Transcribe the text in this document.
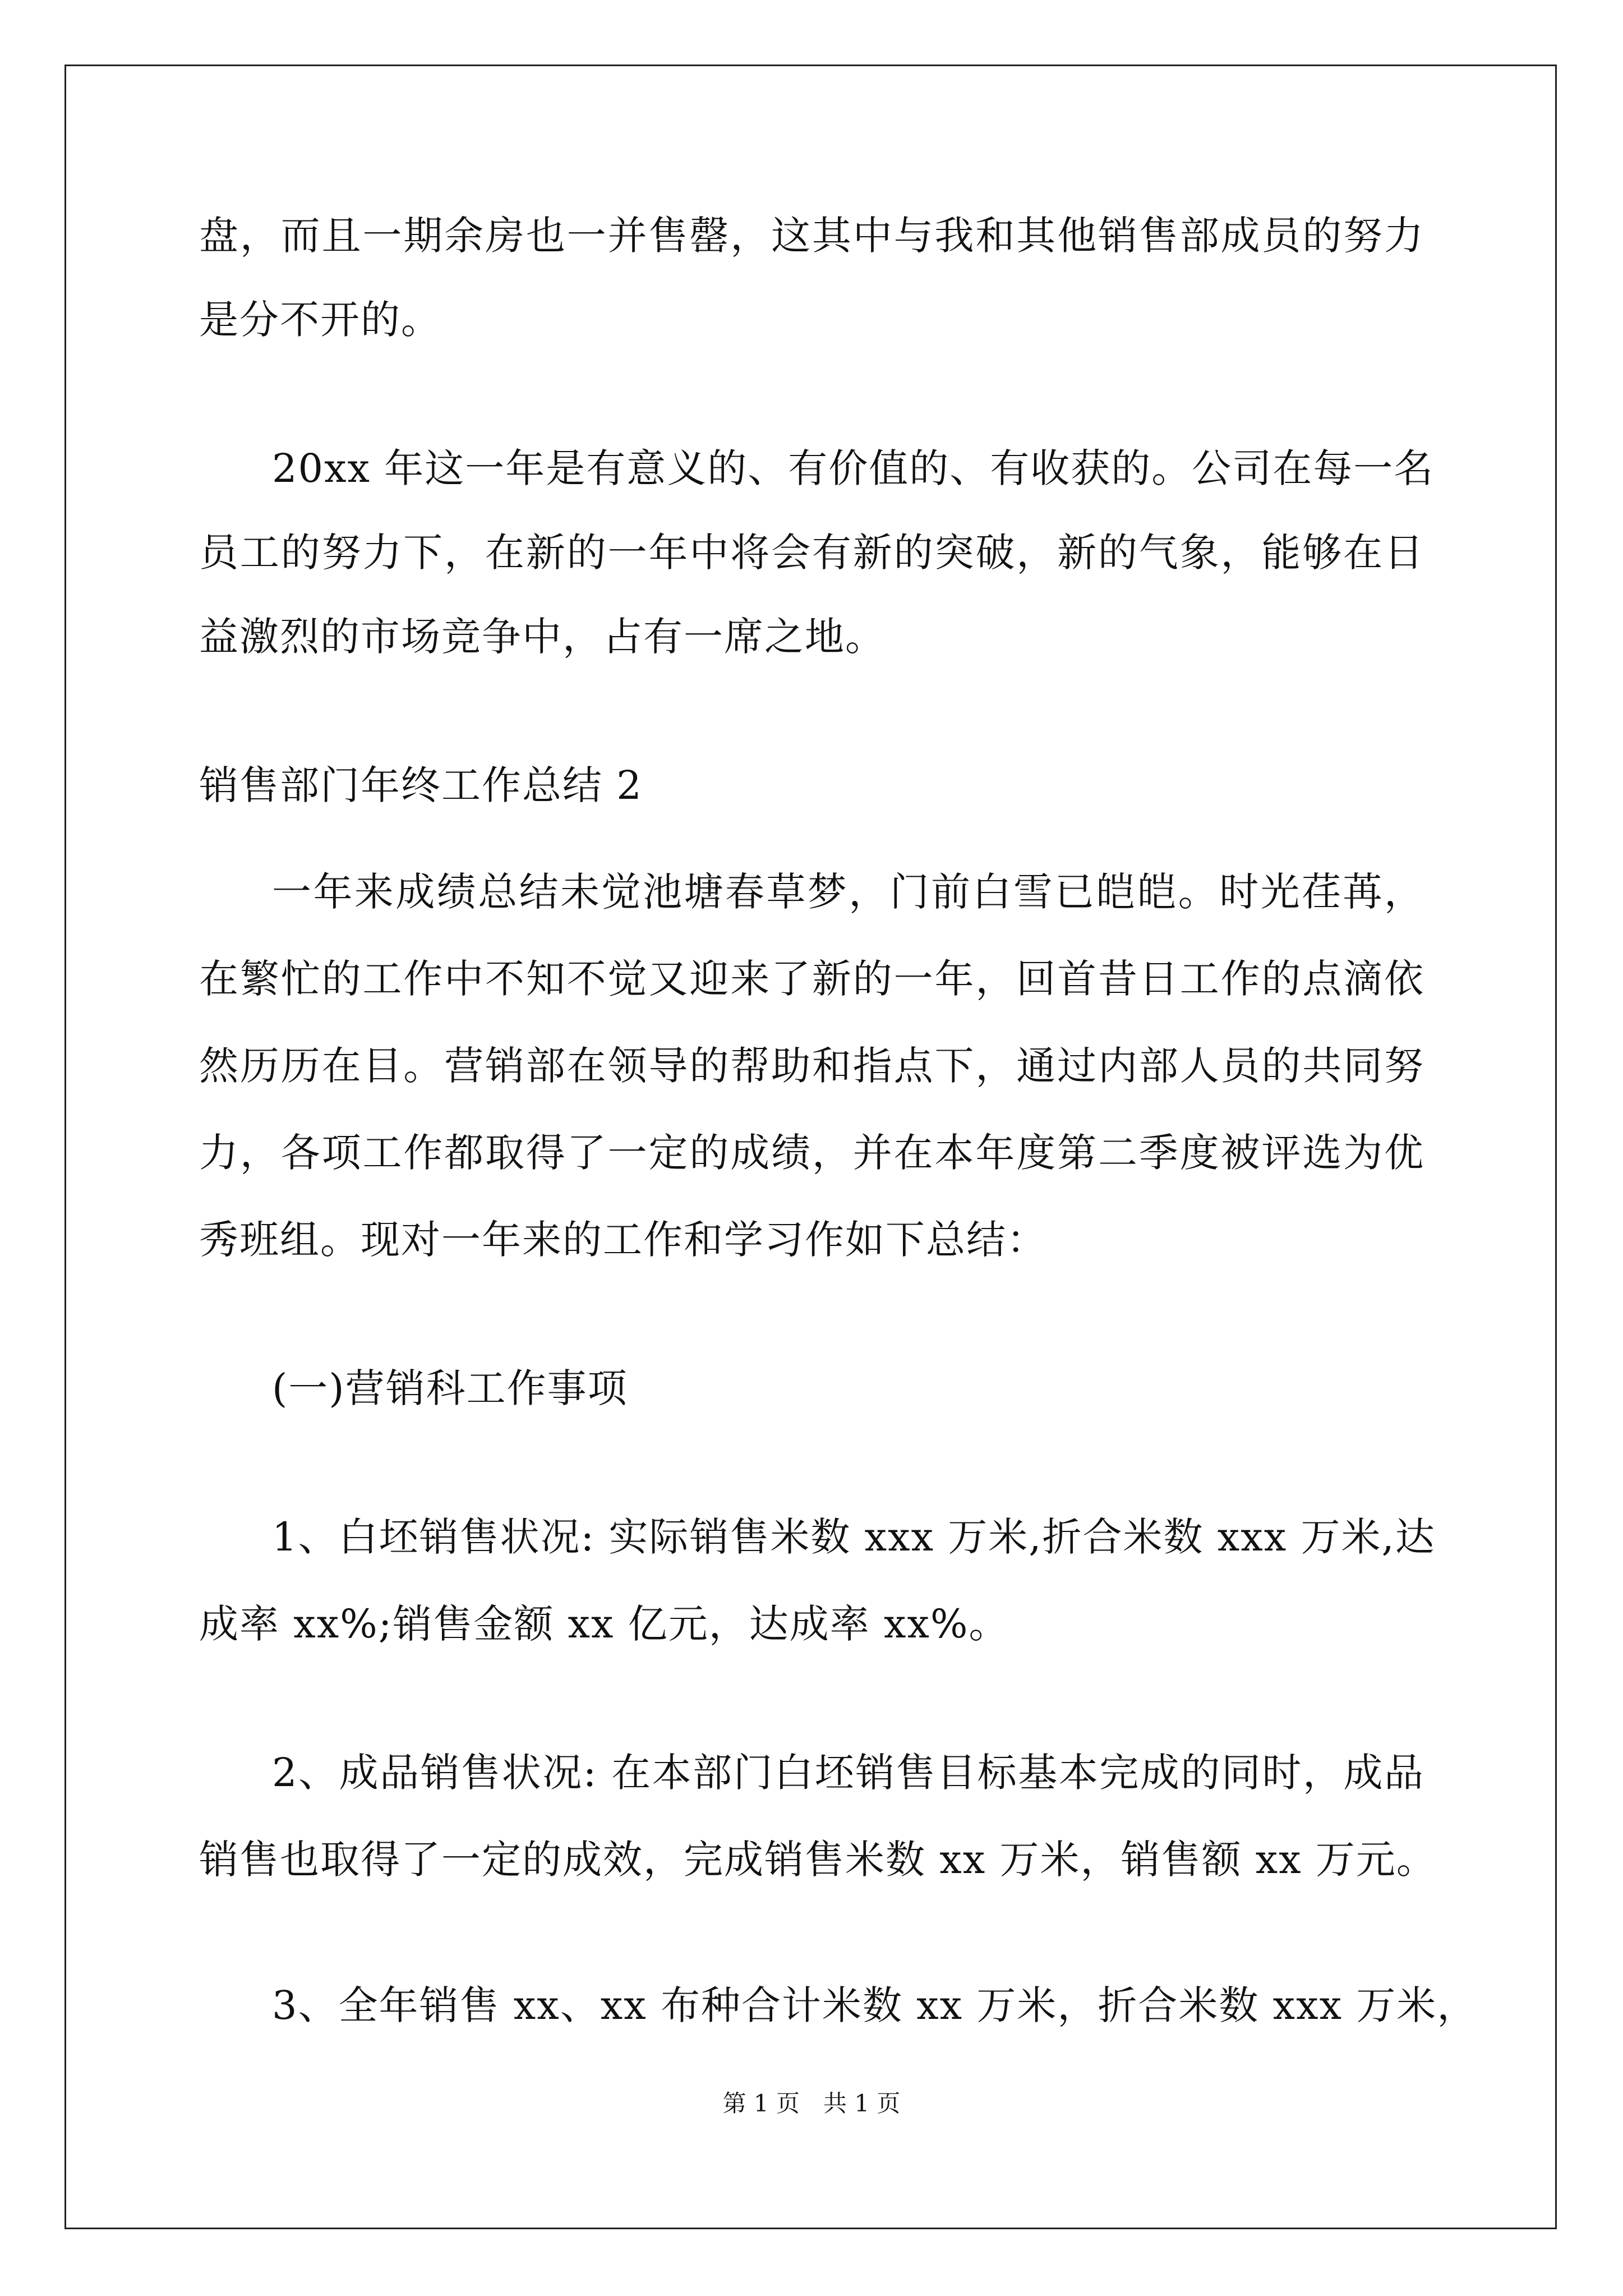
盘，而且一期余房也一并售罄，这其中与我和其他销售部成员的努力
是分不开的。
20xx 年这一年是有意义的、有价值的、有收获的。公司在每一名
员工的努力下，在新的一年中将会有新的突破，新的气象，能够在日
益激烈的市场竞争中，占有一席之地。
销售部门年终工作总结 2
一年来成绩总结未觉池塘春草梦，门前白雪已皑皑。时光荏苒，
在繁忙的工作中不知不觉又迎来了新的一年，回首昔日工作的点滴依
然历历在目。营销部在领导的帮助和指点下，通过内部人员的共同努
力，各项工作都取得了一定的成绩，并在本年度第二季度被评选为优
秀班组。现对一年来的工作和学习作如下总结：
(一)营销科工作事项
1、白坯销售状况: 实际销售米数 xxx 万米,折合米数 xxx 万米,达
成率 xx%;销售金额 xx 亿元，达成率 xx%。
2、成品销售状况: 在本部门白坯销售目标基本完成的同时，成品
销售也取得了一定的成效，完成销售米数 xx 万米，销售额 xx 万元。
3、全年销售 xx、xx 布种合计米数 xx 万米，折合米数 xxx 万米，
第 1 页　共 1 页
